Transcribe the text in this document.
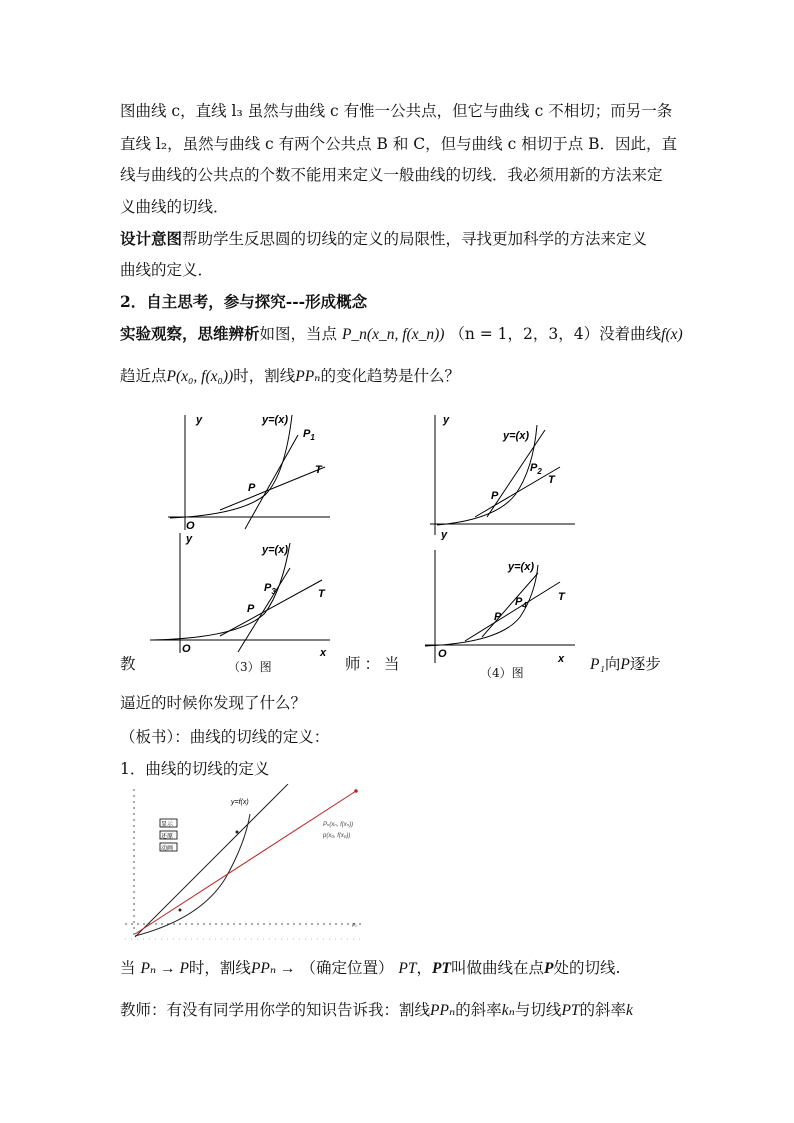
图曲线 c，直线 l₃ 虽然与曲线 c 有惟一公共点，但它与曲线 c 不相切；而另一条
直线 l₂，虽然与曲线 c 有两个公共点 B 和 C，但与曲线 c 相切于点 B．因此，直
线与曲线的公共点的个数不能用来定义一般曲线的切线．我必须用新的方法来定
义曲线的切线．
设计意图帮助学生反思圆的切线的定义的局限性，寻找更加科学的方法来定义
曲线的定义．
2．自主思考，参与探究---形成概念
实验观察，思维辨析如图，当点 P_n(x_n, f(x_n)) （n = 1，2，3，4）没着曲线f(x)
趋近点P(x₀, f(x₀))时，割线PPₙ的变化趋势是什么？
y	y=(x)
$P_1$
T
P
O
y
y=(x)
$P_2$
T
P
y
y
y=(x)
$P_3$	T
P
O	x
（3）图
y=(x)
$P_4$
T
P
O	x
（4）图
教	师：当	P₁向P逐步
逼近的时候你发现了什么？
（板书）：曲线的切线的定义：
1．曲线的切线的定义
显示
还原
动画
y=f(x)
Pₙ(xₙ, f(xₙ))
p(x₀, f(x₀))
Pₙ
当 Pₙ → P时，割线PPₙ → （确定位置） PT，PT叫做曲线在点P处的切线.
教师：有没有同学用你学的知识告诉我：割线PPₙ的斜率kₙ与切线PT的斜率k
